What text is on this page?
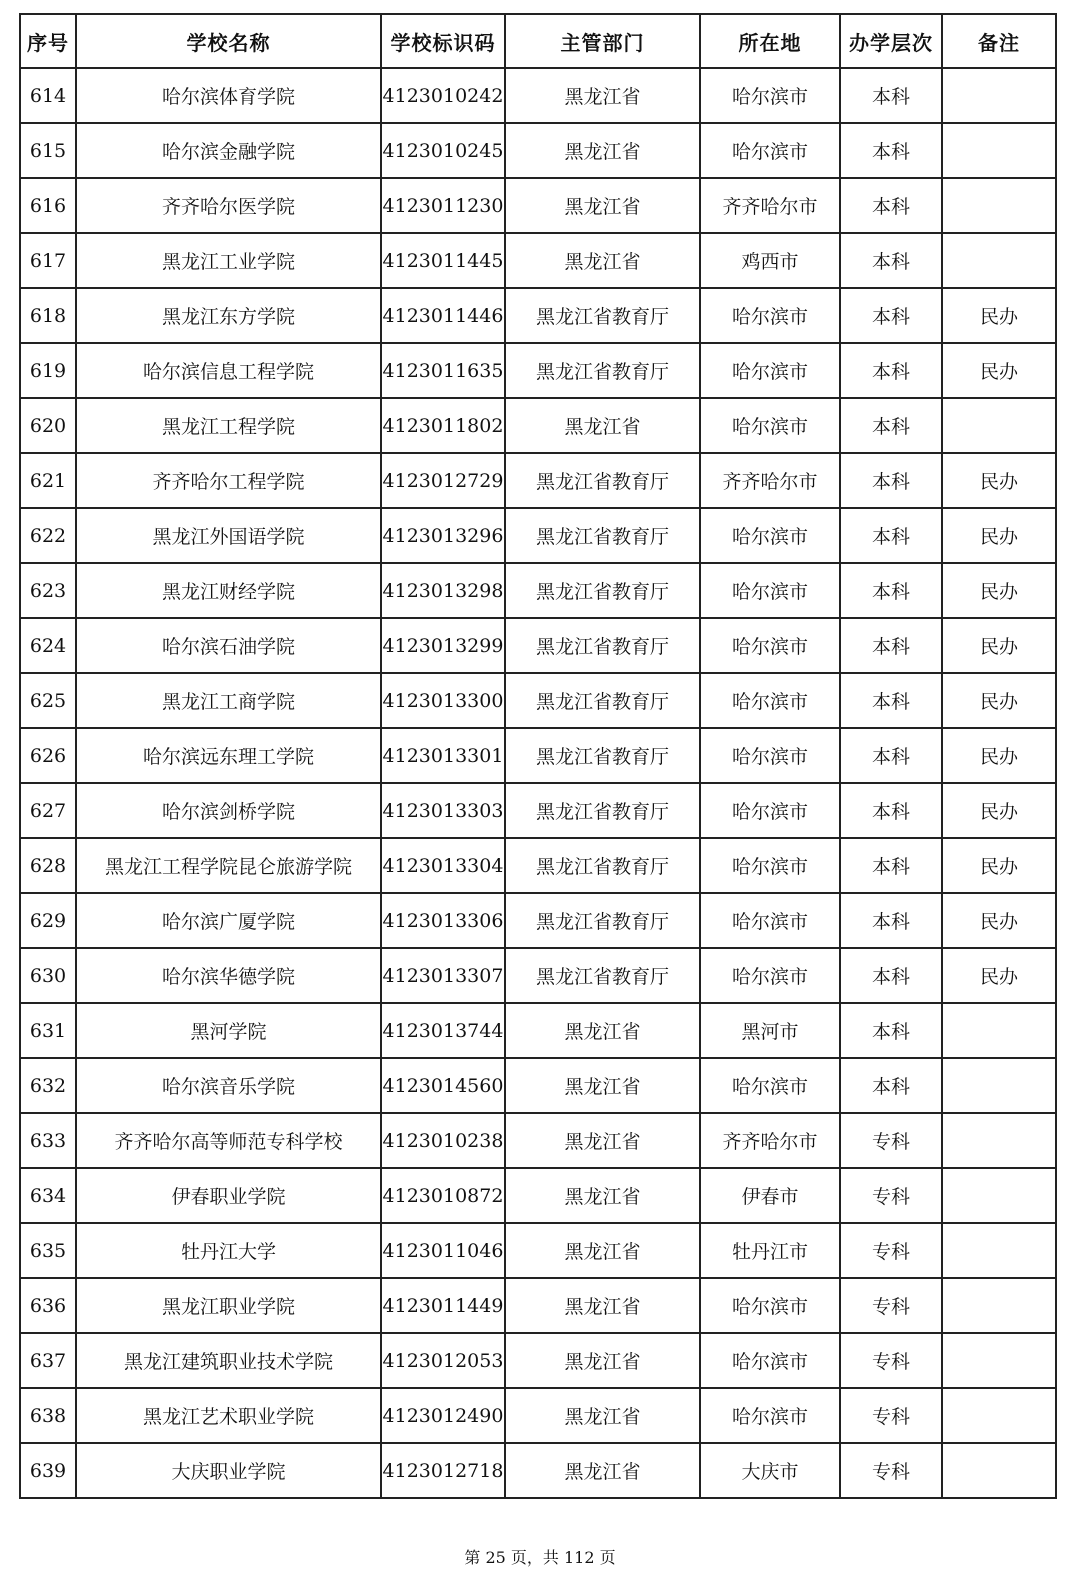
序号	学校名称	学校标识码	主管部门	所在地	办学层次	备注
614	哈尔滨体育学院	4123010242	黑龙江省	哈尔滨市	本科	
615	哈尔滨金融学院	4123010245	黑龙江省	哈尔滨市	本科	
616	齐齐哈尔医学院	4123011230	黑龙江省	齐齐哈尔市	本科	
617	黑龙江工业学院	4123011445	黑龙江省	鸡西市	本科	
618	黑龙江东方学院	4123011446	黑龙江省教育厅	哈尔滨市	本科	民办
619	哈尔滨信息工程学院	4123011635	黑龙江省教育厅	哈尔滨市	本科	民办
620	黑龙江工程学院	4123011802	黑龙江省	哈尔滨市	本科	
621	齐齐哈尔工程学院	4123012729	黑龙江省教育厅	齐齐哈尔市	本科	民办
622	黑龙江外国语学院	4123013296	黑龙江省教育厅	哈尔滨市	本科	民办
623	黑龙江财经学院	4123013298	黑龙江省教育厅	哈尔滨市	本科	民办
624	哈尔滨石油学院	4123013299	黑龙江省教育厅	哈尔滨市	本科	民办
625	黑龙江工商学院	4123013300	黑龙江省教育厅	哈尔滨市	本科	民办
626	哈尔滨远东理工学院	4123013301	黑龙江省教育厅	哈尔滨市	本科	民办
627	哈尔滨剑桥学院	4123013303	黑龙江省教育厅	哈尔滨市	本科	民办
628	黑龙江工程学院昆仑旅游学院	4123013304	黑龙江省教育厅	哈尔滨市	本科	民办
629	哈尔滨广厦学院	4123013306	黑龙江省教育厅	哈尔滨市	本科	民办
630	哈尔滨华德学院	4123013307	黑龙江省教育厅	哈尔滨市	本科	民办
631	黑河学院	4123013744	黑龙江省	黑河市	本科	
632	哈尔滨音乐学院	4123014560	黑龙江省	哈尔滨市	本科	
633	齐齐哈尔高等师范专科学校	4123010238	黑龙江省	齐齐哈尔市	专科	
634	伊春职业学院	4123010872	黑龙江省	伊春市	专科	
635	牡丹江大学	4123011046	黑龙江省	牡丹江市	专科	
636	黑龙江职业学院	4123011449	黑龙江省	哈尔滨市	专科	
637	黑龙江建筑职业技术学院	4123012053	黑龙江省	哈尔滨市	专科	
638	黑龙江艺术职业学院	4123012490	黑龙江省	哈尔滨市	专科	
639	大庆职业学院	4123012718	黑龙江省	大庆市	专科	
第 25 页，共 112 页
